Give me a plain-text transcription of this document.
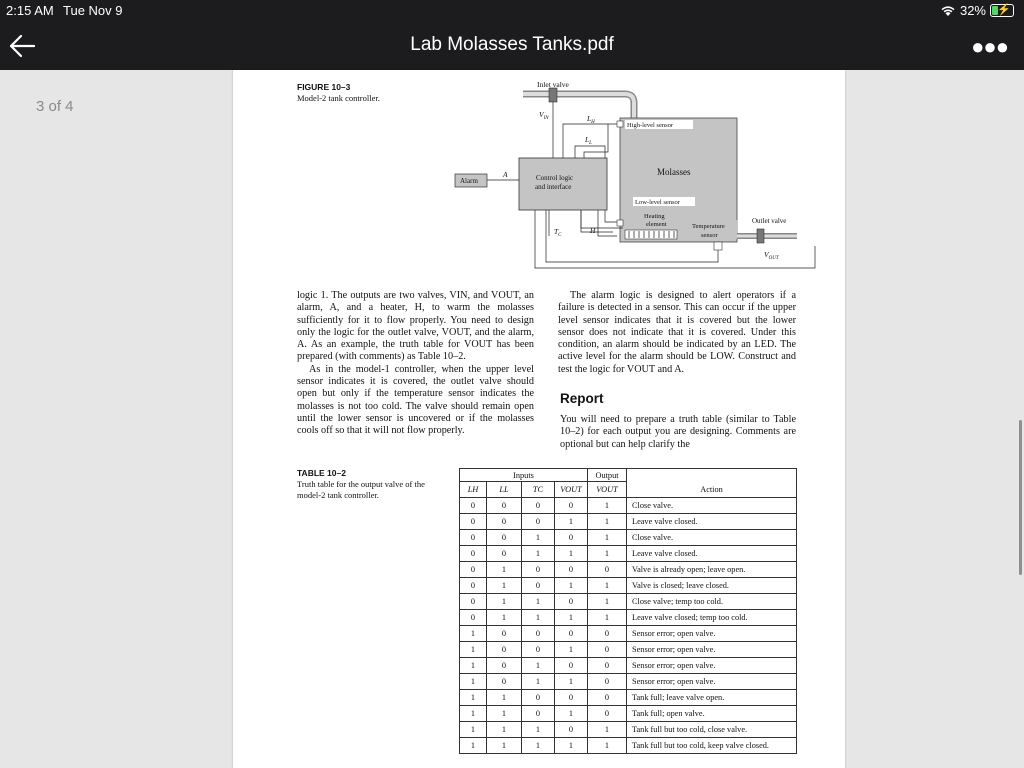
2:15 AM Tue Nov 9	32% ⚡
Lab Molasses Tanks.pdf	●●●
3 of 4
FIGURE 10–3
Model-2 tank controller.
Inlet valve
$V_{IN}$
Molasses
High-level sensor
$L_H$
$L_L$
Alarm
A	Control logic
and interface
Low-level sensor
Heating
element	Temperature
sensor
Outlet valve
$V_{OUT}$
$T_C$
H

logic 1. The outputs are two valves, VIN, and VOUT, an alarm, A, and a heater, H, to warm the molasses sufficiently for it to flow properly. You need to design only the logic for the outlet valve, VOUT, and the alarm, A. As an example, the truth table for VOUT has been prepared (with comments) as Table 10–2.

As in the model-1 controller, when the upper level sensor indicates it is covered, the outlet valve should open but only if the temperature sensor indicates the molasses is not too cold. The valve should remain open until the lower sensor is uncovered or if the molasses cools off so that it will not flow properly.

The alarm logic is designed to alert operators if a failure is detected in a sensor. This can occur if the upper level sensor indicates that it is covered but the lower sensor does not indicate that it is covered. Under this condition, an alarm should be indicated by an LED. The active level for the alarm should be LOW. Construct and test the logic for VOUT and A.

Report

You will need to prepare a truth table (similar to Table 10–2) for each output you are designing. Comments are optional but can help clarify the

TABLE 10–2
Truth table for the output valve of the model-2 tank controller.
Inputs				Output	
LH	LL	TC	VOUT	VOUT	Action
0	0	0	0	1	Close valve.
0	0	0	1	1	Leave valve closed.
0	0	1	0	1	Close valve.
0	0	1	1	1	Leave valve closed.
0	1	0	0	0	Valve is already open; leave open.
0	1	0	1	1	Valve is closed; leave closed.
0	1	1	0	1	Close valve; temp too cold.
0	1	1	1	1	Leave valve closed; temp too cold.
1	0	0	0	0	Sensor error; open valve.
1	0	0	1	0	Sensor error; open valve.
1	0	1	0	0	Sensor error; open valve.
1	0	1	1	0	Sensor error; open valve.
1	1	0	0	0	Tank full; leave valve open.
1	1	0	1	0	Tank full; open valve.
1	1	1	0	1	Tank full but too cold, close valve.
1	1	1	1	1	Tank full but too cold, keep valve closed.
